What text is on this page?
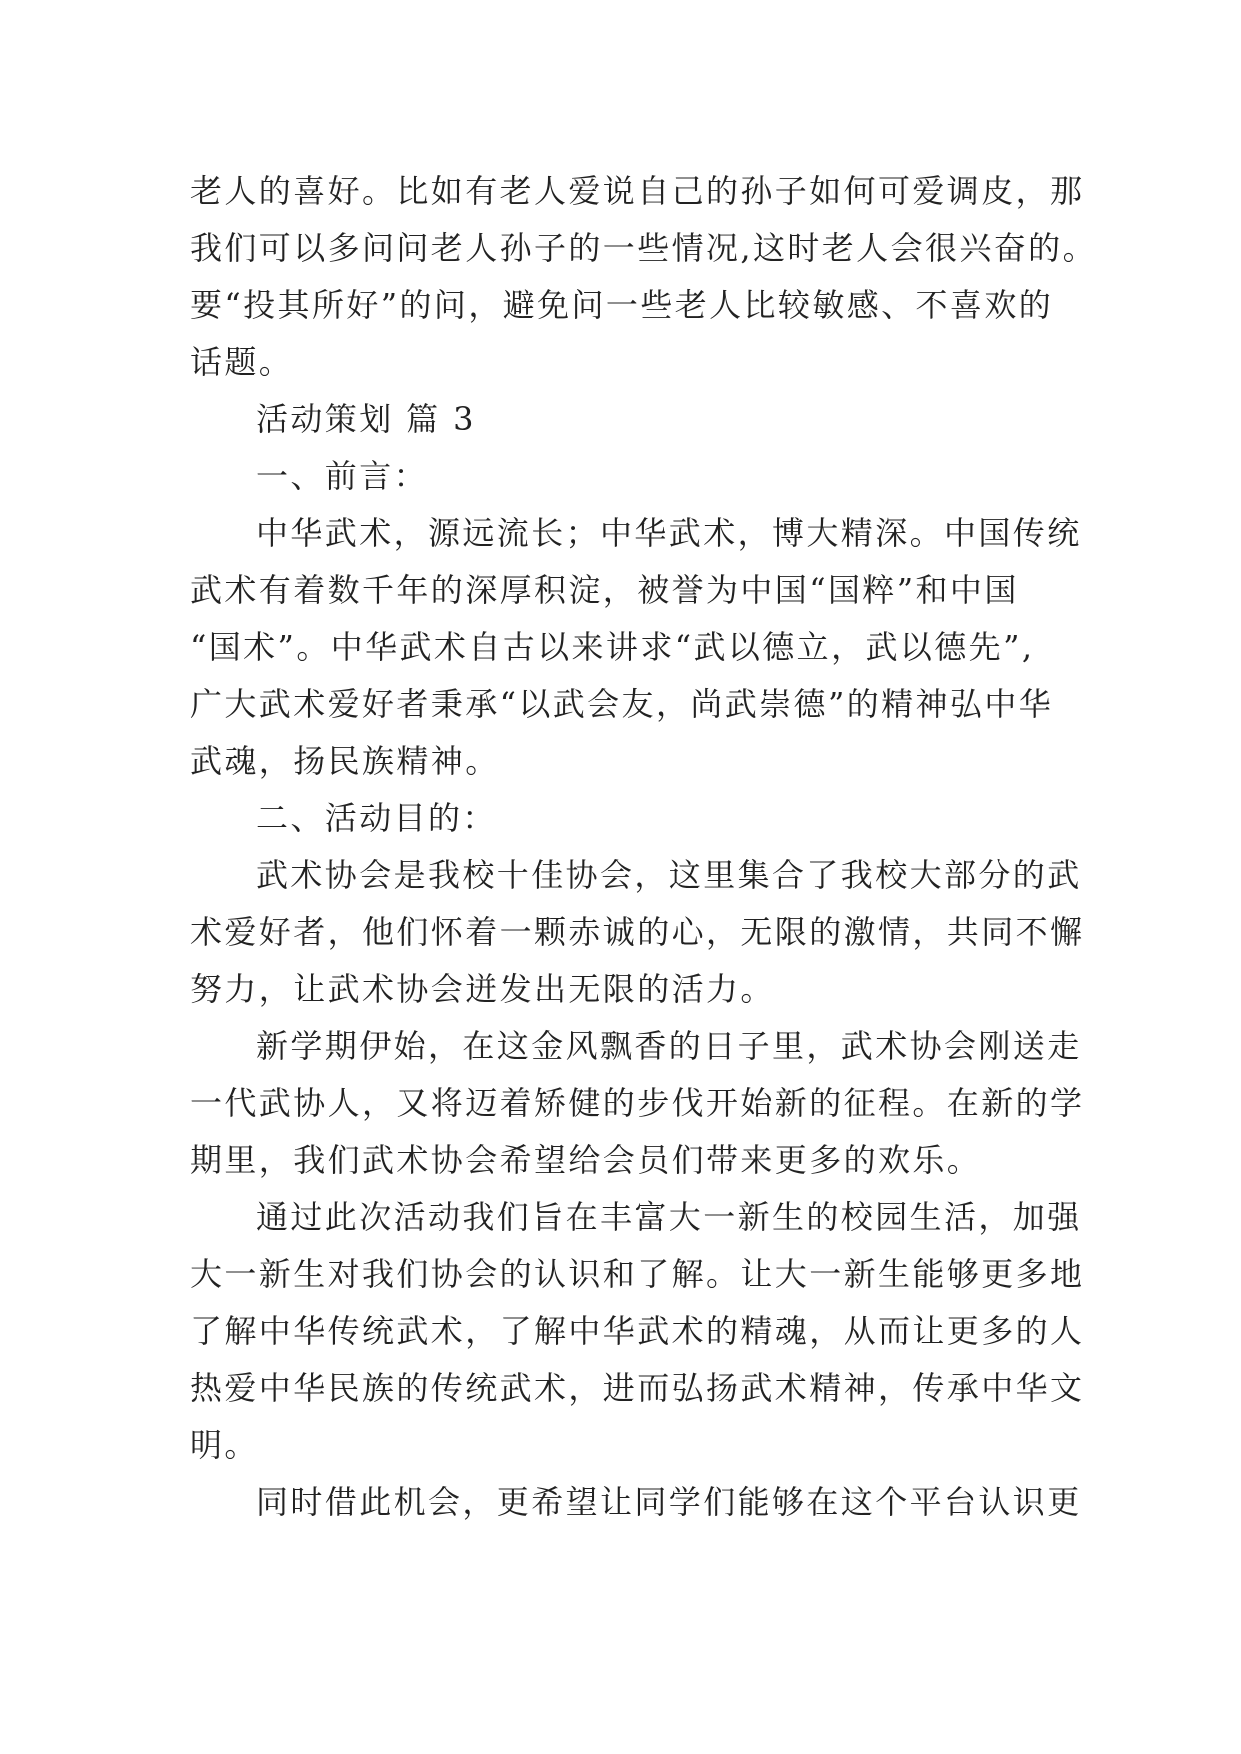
老人的喜好。比如有老人爱说自己的孙子如何可爱调皮，那
我们可以多问问老人孙子的一些情况,这时老人会很兴奋的。
要“投其所好”的问，避免问一些老人比较敏感、不喜欢的
话题。

活动策划 篇 3

一、前言：

中华武术，源远流长；中华武术，博大精深。中国传统
武术有着数千年的深厚积淀，被誉为中国“国粹”和中国
“国术”。中华武术自古以来讲求“武以德立，武以德先”,
广大武术爱好者秉承“以武会友，尚武崇德”的精神弘中华
武魂，扬民族精神。

二、活动目的：

武术协会是我校十佳协会，这里集合了我校大部分的武
术爱好者，他们怀着一颗赤诚的心，无限的激情，共同不懈
努力，让武术协会迸发出无限的活力。

新学期伊始，在这金风飘香的日子里，武术协会刚送走
一代武协人，又将迈着矫健的步伐开始新的征程。在新的学
期里，我们武术协会希望给会员们带来更多的欢乐。

通过此次活动我们旨在丰富大一新生的校园生活，加强
大一新生对我们协会的认识和了解。让大一新生能够更多地
了解中华传统武术，了解中华武术的精魂，从而让更多的人
热爱中华民族的传统武术，进而弘扬武术精神，传承中华文
明。

同时借此机会，更希望让同学们能够在这个平台认识更
